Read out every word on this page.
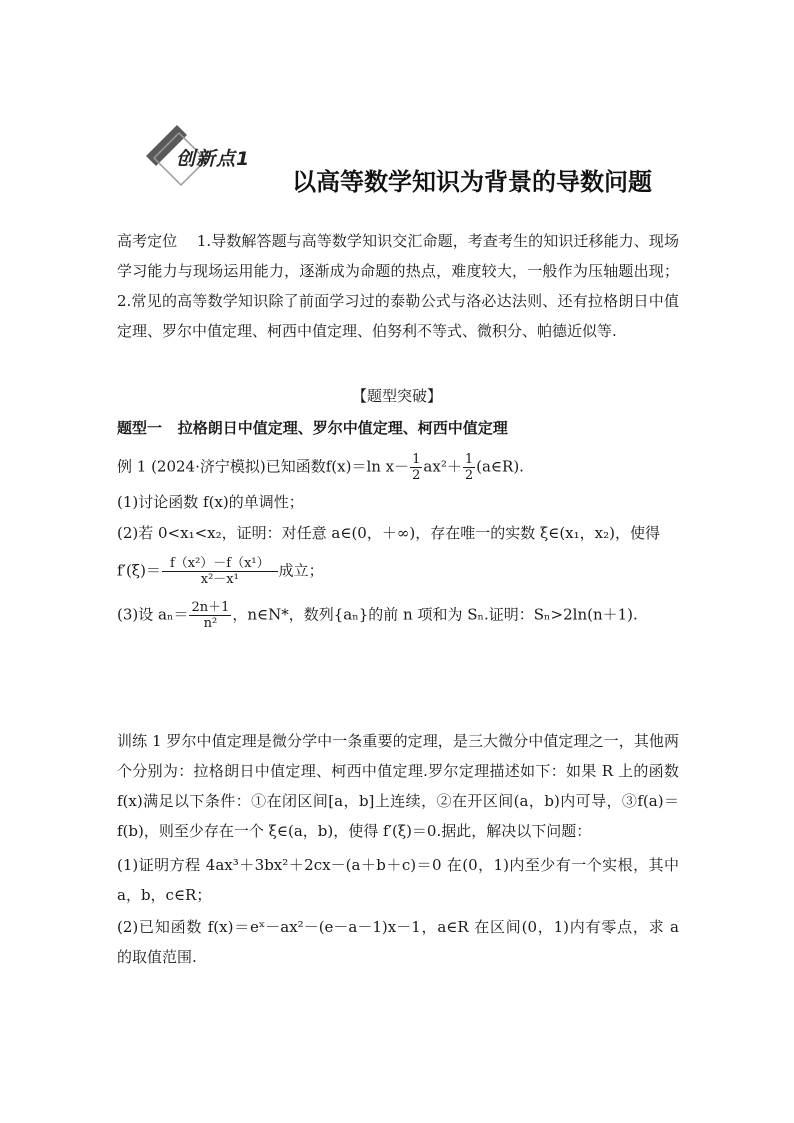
创新点1
以高等数学知识为背景的导数问题
高考定位 1.导数解答题与高等数学知识交汇命题，考查考生的知识迁移能力、现场学习能力与现场运用能力，逐渐成为命题的热点，难度较大，一般作为压轴题出现；2.常见的高等数学知识除了前面学习过的泰勒公式与洛必达法则、还有拉格朗日中值定理、罗尔中值定理、柯西中值定理、伯努利不等式、微积分、帕德近似等.
【题型突破】
题型一 拉格朗日中值定理、罗尔中值定理、柯西中值定理
例 1 (2024·济宁模拟)已知函数f(x)＝ln $x- \frac{1}{2} ax^2+ \frac{1}{2}$ (a∈R).
(1)讨论函数 f(x)的单调性；
(2)若 0<x₁<x₂，证明：对任意 a∈(0，＋∞)，存在唯一的实数 ξ∈(x₁，x₂)，使得
$f'(\xi)= \frac{\text{f（x²）－f（x¹）}}{\text{x²－x¹}}$ 成立；
(3)设 $a_n= \frac{2n+1}{\text{n²}}$ ，n∈N*，数列{aₙ}的前 n 项和为 Sₙ.证明：Sₙ>2ln(n＋1).
训练 1 罗尔中值定理是微分学中一条重要的定理，是三大微分中值定理之一，其他两个分别为：拉格朗日中值定理、柯西中值定理.罗尔定理描述如下：如果 R 上的函数 f(x)满足以下条件：①在闭区间[a，b]上连续，②在开区间(a，b)内可导，③f(a)＝f(b)，则至少存在一个 ξ∈(a，b)，使得 f′(ξ)＝0.据此，解决以下问题：
(1)证明方程 4ax³＋3bx²＋2cx－(a＋b＋c)＝0 在(0，1)内至少有一个实根，其中 a，b，c∈R；
(2)已知函数 f(x)＝eˣ－ax²－(e－a－1)x－1，a∈R 在区间(0，1)内有零点，求 a 的取值范围.
